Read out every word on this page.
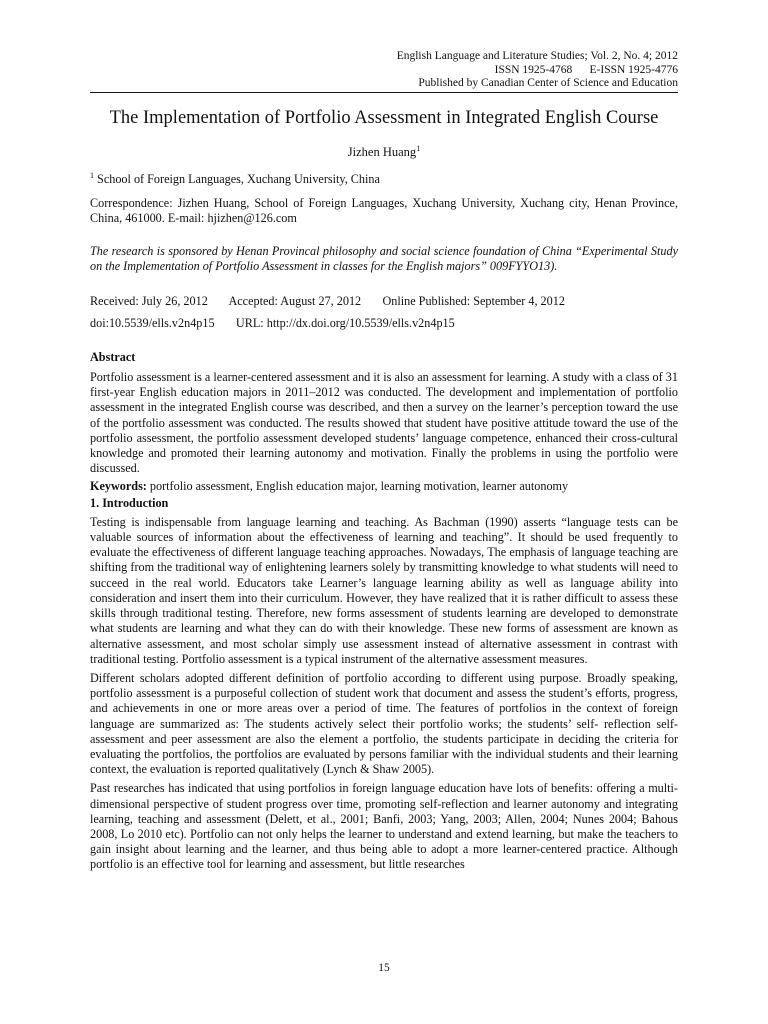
English Language and Literature Studies; Vol. 2, No. 4; 2012
ISSN 1925-4768      E-ISSN 1925-4776
Published by Canadian Center of Science and Education
The Implementation of Portfolio Assessment in Integrated English Course
Jizhen Huang$^1$
$^1$ School of Foreign Languages, Xuchang University, China
Correspondence: Jizhen Huang, School of Foreign Languages, Xuchang University, Xuchang city, Henan Province, China, 461000. E-mail: hjizhen@126.com
The research is sponsored by Henan Provincal philosophy and social science foundation of China “Experimental Study on the Implementation of Portfolio Assessment in classes for the English majors” 009FYYO13).
Received: July 26, 2012       Accepted: August 27, 2012       Online Published: September 4, 2012
doi:10.5539/ells.v2n4p15       URL: http://dx.doi.org/10.5539/ells.v2n4p15
Abstract
Portfolio assessment is a learner-centered assessment and it is also an assessment for learning. A study with a class of 31 first-year English education majors in 2011–2012 was conducted. The development and implementation of portfolio assessment in the integrated English course was described, and then a survey on the learner’s perception toward the use of the portfolio assessment was conducted. The results showed that student have positive attitude toward the use of the portfolio assessment, the portfolio assessment developed students’ language competence, enhanced their cross-cultural knowledge and promoted their learning autonomy and motivation. Finally the problems in using the portfolio were discussed.
Keywords: portfolio assessment, English education major, learning motivation, learner autonomy
1. Introduction
Testing is indispensable from language learning and teaching. As Bachman (1990) asserts “language tests can be valuable sources of information about the effectiveness of learning and teaching”. It should be used frequently to evaluate the effectiveness of different language teaching approaches. Nowadays, The emphasis of language teaching are shifting from the traditional way of enlightening learners solely by transmitting knowledge to what students will need to succeed in the real world. Educators take Learner’s language learning ability as well as language ability into consideration and insert them into their curriculum. However, they have realized that it is rather difficult to assess these skills through traditional testing. Therefore, new forms assessment of students learning are developed to demonstrate what students are learning and what they can do with their knowledge. These new forms of assessment are known as alternative assessment, and most scholar simply use assessment instead of alternative assessment in contrast with traditional testing. Portfolio assessment is a typical instrument of the alternative assessment measures.
Different scholars adopted different definition of portfolio according to different using purpose. Broadly speaking, portfolio assessment is a purposeful collection of student work that document and assess the student’s efforts, progress, and achievements in one or more areas over a period of time. The features of portfolios in the context of foreign language are summarized as: The students actively select their portfolio works; the students’ self- reflection self-assessment and peer assessment are also the element a portfolio, the students participate in deciding the criteria for evaluating the portfolios, the portfolios are evaluated by persons familiar with the individual students and their learning context, the evaluation is reported qualitatively (Lynch & Shaw 2005).
Past researches has indicated that using portfolios in foreign language education have lots of benefits: offering a multi-dimensional perspective of student progress over time, promoting self-reflection and learner autonomy and integrating learning, teaching and assessment (Delett, et al., 2001; Banfi, 2003; Yang, 2003; Allen, 2004; Nunes 2004; Bahous 2008, Lo 2010 etc). Portfolio can not only helps the learner to understand and extend learning, but make the teachers to gain insight about learning and the learner, and thus being able to adopt a more learner-centered practice. Although portfolio is an effective tool for learning and assessment, but little researches
15
